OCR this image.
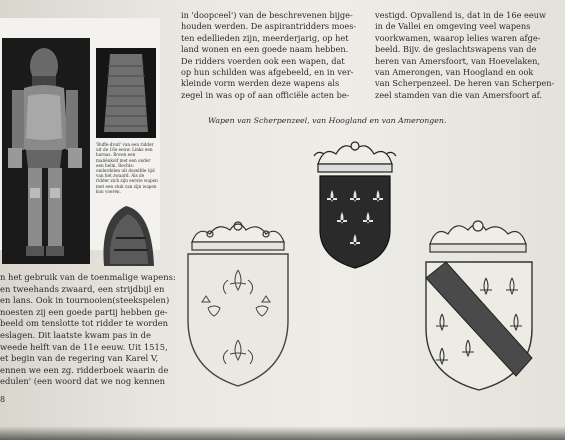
'Buffe-droit' van een ridder uit de 16e eeuw. Links een harnas. Boven een maliënkolf met een onder een helm. Rechts: onderdelen uit dezelfde tijd van het zwaard. Als de ridder zich zijn eerste wapen met een stuk van zijn wapen kon voeren.
in 'doopceel') van de beschrevenen bijge-
houden werden. De aspirantridders moes-
ten edellieden zijn, meerderjarig, op het
land wonen en een goede naam hebben.
De ridders voerden ook een wapen, dat
op hun schilden was afgebeeld, en in ver-
kleinde vorm werden deze wapens als
zegel in was op of aan officiële acten be-
vestigd. Opvallend is, dat in de 16e eeuw
in de Vallei en omgeving veel wapens
voorkwamen, waarop lelies waren afge-
beeld. Bijv. de geslachtswapens van de
heren van Amersfoort, van Hoevelaken,
van Amerongen, van Hoogland en ook
van Scherpenzeel. De heren van Scherpen-
zeel stamden van die van Amersfoort af.
Wapen van Scherpenzeel, van Hoogland en van Amerongen.
n het gebruik van de toenmalige wapens:
en tweehands zwaard, een strijdbijl en
en lans. Ook in tournooien(steekspelen)
noesten zij een goede partij hebben ge-
beeld om tenslotte tot ridder te worden
eslagen. Dit laatste kwam pas in de
weede helft van de 11e eeuw. Uit 1515,
et begin van de regering van Karel V,
ennen we een zg. ridderboek waarin de
edulen' (een woord dat we nog kennen
8
